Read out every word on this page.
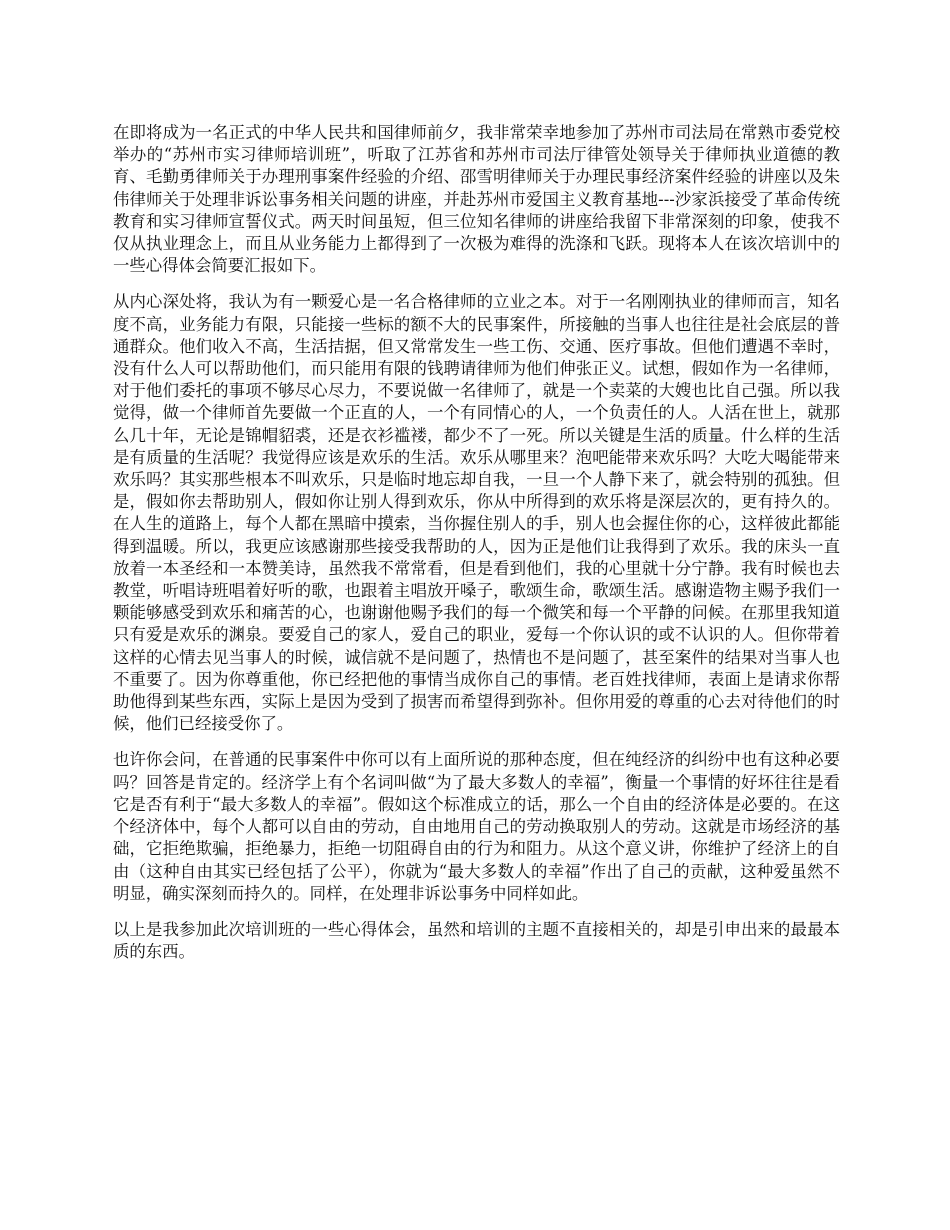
在即将成为一名正式的中华人民共和国律师前夕，我非常荣幸地参加了苏州市司法局在常熟市委党校举办的“苏州市实习律师培训班”，听取了江苏省和苏州市司法厅律管处领导关于律师执业道德的教育、毛勤勇律师关于办理刑事案件经验的介绍、邵雪明律师关于办理民事经济案件经验的讲座以及朱伟律师关于处理非诉讼事务相关问题的讲座，并赴苏州市爱国主义教育基地---沙家浜接受了革命传统教育和实习律师宣誓仪式。两天时间虽短，但三位知名律师的讲座给我留下非常深刻的印象，使我不仅从执业理念上，而且从业务能力上都得到了一次极为难得的洗涤和飞跃。现将本人在该次培训中的一些心得体会简要汇报如下。

从内心深处将，我认为有一颗爱心是一名合格律师的立业之本。对于一名刚刚执业的律师而言，知名度不高，业务能力有限，只能接一些标的额不大的民事案件，所接触的当事人也往往是社会底层的普通群众。他们收入不高，生活拮据，但又常常发生一些工伤、交通、医疗事故。但他们遭遇不幸时，没有什么人可以帮助他们，而只能用有限的钱聘请律师为他们伸张正义。试想，假如作为一名律师，对于他们委托的事项不够尽心尽力，不要说做一名律师了，就是一个卖菜的大嫂也比自己强。所以我觉得，做一个律师首先要做一个正直的人，一个有同情心的人，一个负责任的人。人活在世上，就那么几十年，无论是锦帽貂裘，还是衣衫褴褛，都少不了一死。所以关键是生活的质量。什么样的生活是有质量的生活呢？我觉得应该是欢乐的生活。欢乐从哪里来？泡吧能带来欢乐吗？大吃大喝能带来欢乐吗？其实那些根本不叫欢乐，只是临时地忘却自我，一旦一个人静下来了，就会特别的孤独。但是，假如你去帮助别人，假如你让别人得到欢乐，你从中所得到的欢乐将是深层次的，更有持久的。在人生的道路上，每个人都在黑暗中摸索，当你握住别人的手，别人也会握住你的心，这样彼此都能得到温暖。所以，我更应该感谢那些接受我帮助的人，因为正是他们让我得到了欢乐。我的床头一直放着一本圣经和一本赞美诗，虽然我不常常看，但是看到他们，我的心里就十分宁静。我有时候也去教堂，听唱诗班唱着好听的歌，也跟着主唱放开嗓子，歌颂生命，歌颂生活。感谢造物主赐予我们一颗能够感受到欢乐和痛苦的心，也谢谢他赐予我们的每一个微笑和每一个平静的问候。在那里我知道只有爱是欢乐的渊泉。要爱自己的家人，爱自己的职业，爱每一个你认识的或不认识的人。但你带着这样的心情去见当事人的时候，诚信就不是问题了，热情也不是问题了，甚至案件的结果对当事人也不重要了。因为你尊重他，你已经把他的事情当成你自己的事情。老百姓找律师，表面上是请求你帮助他得到某些东西，实际上是因为受到了损害而希望得到弥补。但你用爱的尊重的心去对待他们的时候，他们已经接受你了。

也许你会问，在普通的民事案件中你可以有上面所说的那种态度，但在纯经济的纠纷中也有这种必要吗？回答是肯定的。经济学上有个名词叫做“为了最大多数人的幸福”，衡量一个事情的好坏往往是看它是否有利于“最大多数人的幸福”。假如这个标准成立的话，那么一个自由的经济体是必要的。在这个经济体中，每个人都可以自由的劳动，自由地用自己的劳动换取别人的劳动。这就是市场经济的基础，它拒绝欺骗，拒绝暴力，拒绝一切阻碍自由的行为和阻力。从这个意义讲，你维护了经济上的自由（这种自由其实已经包括了公平），你就为“最大多数人的幸福”作出了自己的贡献，这种爱虽然不明显，确实深刻而持久的。同样，在处理非诉讼事务中同样如此。

以上是我参加此次培训班的一些心得体会，虽然和培训的主题不直接相关的，却是引申出来的最最本质的东西。
